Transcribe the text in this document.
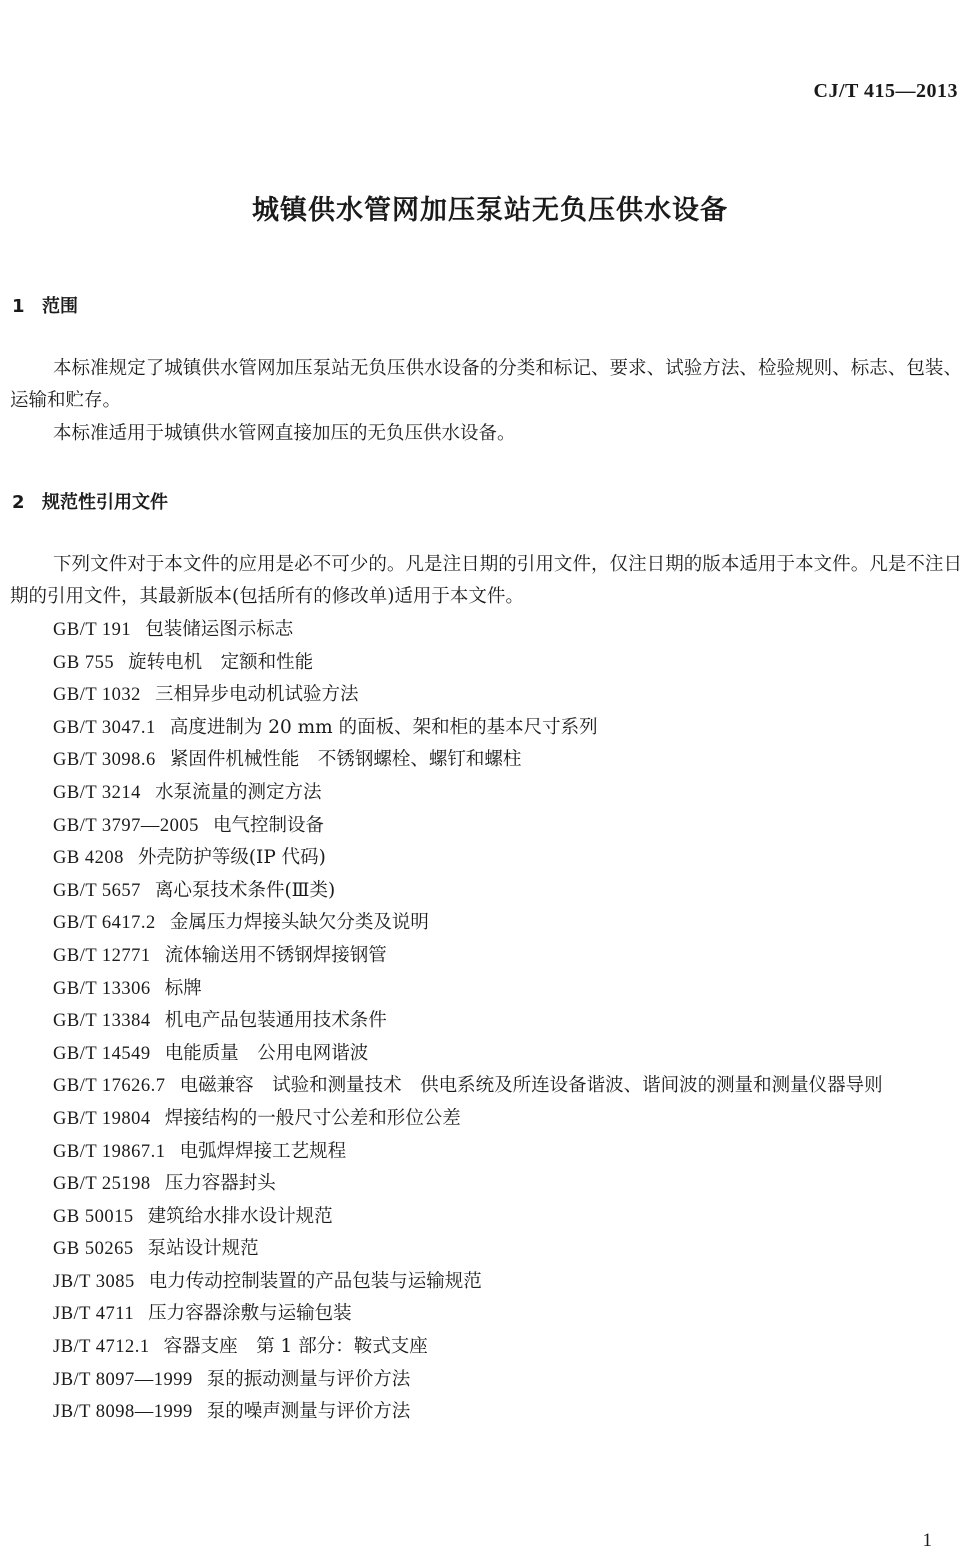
CJ/T 415—2013
城镇供水管网加压泵站无负压供水设备
1 范围
本标准规定了城镇供水管网加压泵站无负压供水设备的分类和标记、要求、试验方法、检验规则、标志、包装、运输和贮存。
本标准适用于城镇供水管网直接加压的无负压供水设备。
2 规范性引用文件
下列文件对于本文件的应用是必不可少的。凡是注日期的引用文件，仅注日期的版本适用于本文件。凡是不注日期的引用文件，其最新版本(包括所有的修改单)适用于本文件。
GB/T 191 包装储运图示标志
GB 755 旋转电机　定额和性能
GB/T 1032 三相异步电动机试验方法
GB/T 3047.1 高度进制为 20 mm 的面板、架和柜的基本尺寸系列
GB/T 3098.6 紧固件机械性能　不锈钢螺栓、螺钉和螺柱
GB/T 3214 水泵流量的测定方法
GB/T 3797—2005 电气控制设备
GB 4208 外壳防护等级(IP 代码)
GB/T 5657 离心泵技术条件(Ⅲ类)
GB/T 6417.2 金属压力焊接头缺欠分类及说明
GB/T 12771 流体输送用不锈钢焊接钢管
GB/T 13306 标牌
GB/T 13384 机电产品包装通用技术条件
GB/T 14549 电能质量　公用电网谐波
GB/T 17626.7 电磁兼容　试验和测量技术　供电系统及所连设备谐波、谐间波的测量和测量仪器导则
GB/T 19804 焊接结构的一般尺寸公差和形位公差
GB/T 19867.1 电弧焊焊接工艺规程
GB/T 25198 压力容器封头
GB 50015 建筑给水排水设计规范
GB 50265 泵站设计规范
JB/T 3085 电力传动控制装置的产品包装与运输规范
JB/T 4711 压力容器涂敷与运输包装
JB/T 4712.1 容器支座　第 1 部分：鞍式支座
JB/T 8097—1999 泵的振动测量与评价方法
JB/T 8098—1999 泵的噪声测量与评价方法
1
